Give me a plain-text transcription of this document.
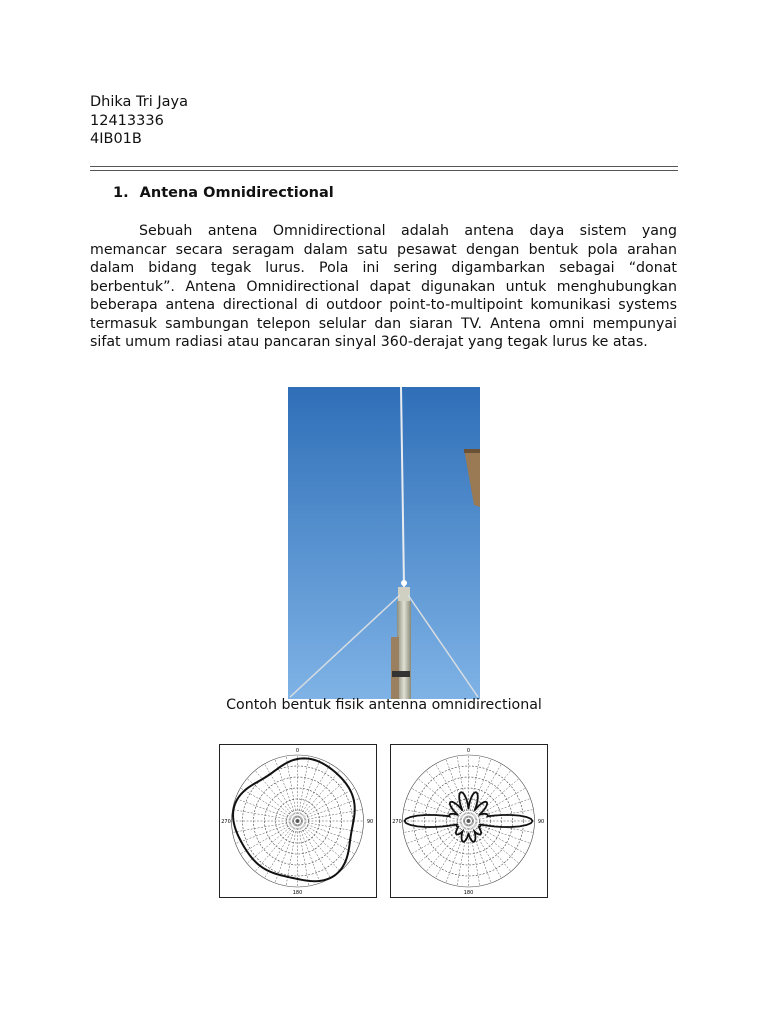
Dhika Tri Jaya
12413336
4IB01B
1. Antena Omnidirectional
Sebuah antena Omnidirectional adalah antena daya sistem yang memancar secara seragam dalam satu pesawat dengan bentuk pola arahan dalam bidang tegak lurus. Pola ini sering digambarkan sebagai “donat berbentuk”. Antena Omnidirectional dapat digunakan untuk menghubungkan beberapa antena directional di outdoor point-to-multipoint komunikasi systems termasuk sambungan telepon selular dan siaran TV. Antena omni mempunyai sifat umum radiasi atau pancaran sinyal 360-derajat yang tegak lurus ke atas.
Contoh bentuk fisik antenna omnidirectional
0
180
270	90
0
180
270	90
